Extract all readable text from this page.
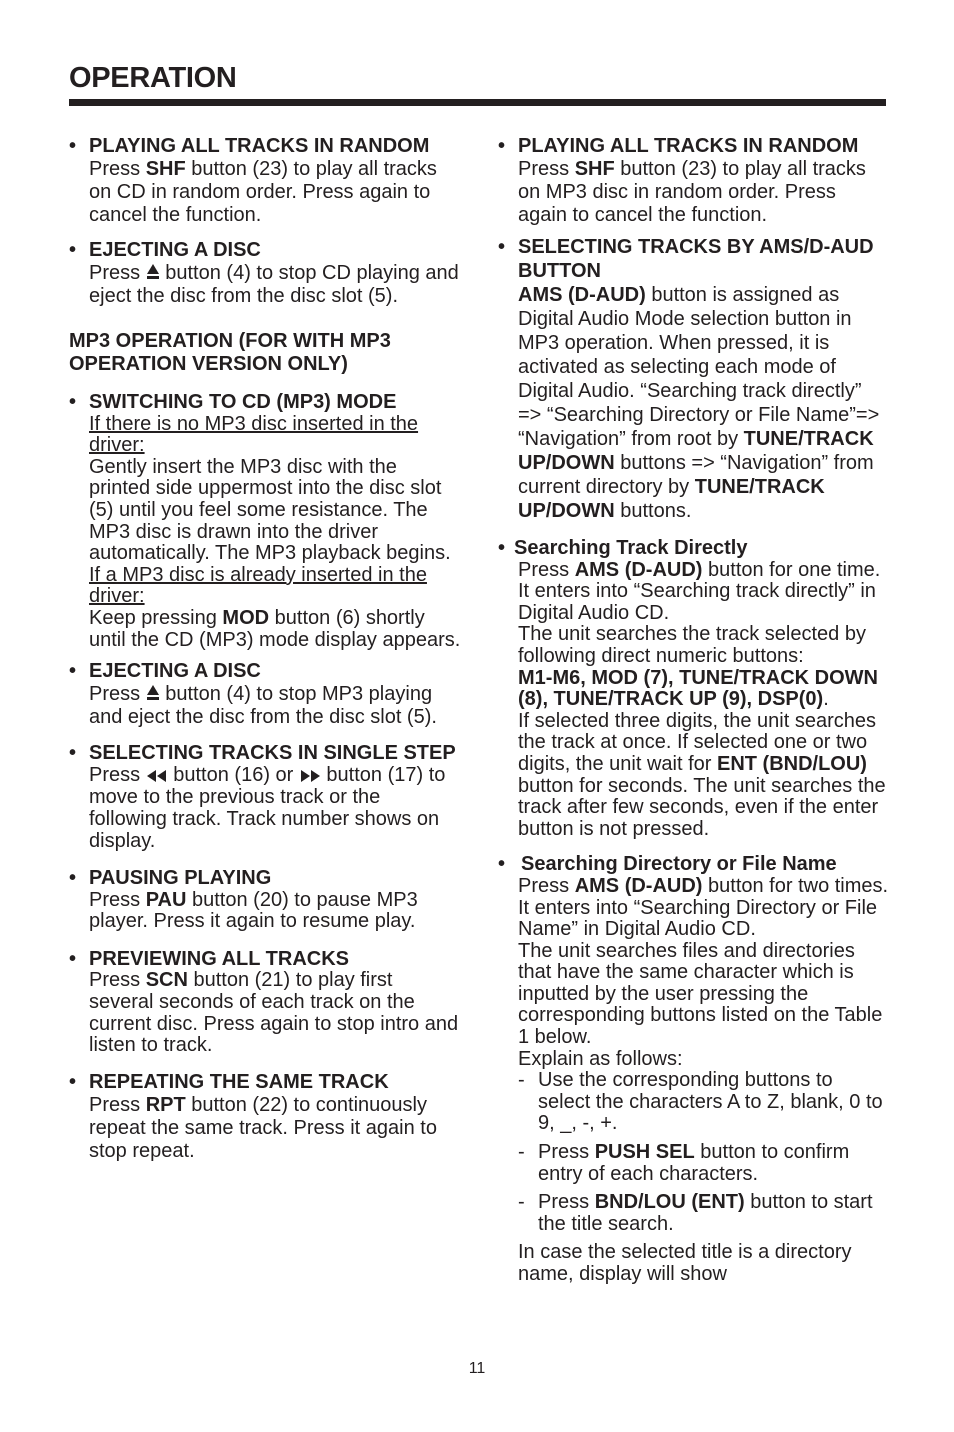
OPERATION
• PLAYING ALL TRACKS IN RANDOM
Press SHF button (23) to play all tracks on CD in random order. Press again to cancel the function.
• EJECTING A DISC
Press
button (4) to stop CD playing and eject the disc from the disc slot (5).
MP3 OPERATION (FOR WITH MP3 OPERATION VERSION ONLY)
• SWITCHING TO CD (MP3) MODE
If there is no MP3 disc inserted in the driver:
Gently insert the MP3 disc with the printed side uppermost into the disc slot (5) until you feel some resistance. The MP3 disc is drawn into the driver automatically. The MP3 playback begins.
If a MP3 disc is already inserted in the driver:
Keep pressing MOD button (6) shortly until the CD (MP3) mode display appears.
• EJECTING A DISC
Press
button (4) to stop MP3 playing and eject the disc from the disc slot (5).
• SELECTING TRACKS IN SINGLE STEP
Press  button (16) or  button (17) to move to the previous track or the following track. Track number shows on display.
• PAUSING PLAYING
Press PAU button (20) to pause MP3 player. Press it again to resume play.
• PREVIEWING ALL TRACKS
Press SCN button (21) to play first several seconds of each track on the current disc. Press again to stop intro and listen to track.
• REPEATING THE SAME TRACK
Press RPT button (22) to continuously repeat the same track. Press it again to stop repeat.
• PLAYING ALL TRACKS IN RANDOM
Press SHF button (23) to play all tracks on MP3 disc in random order. Press again to cancel the function.
• SELECTING TRACKS BY AMS/D-AUD BUTTON
AMS (D-AUD) button is assigned as Digital Audio Mode selection button in MP3 operation. When pressed, it is activated as selecting each mode of Digital Audio. “Searching track directly” => “Searching Directory or File Name”=> “Navigation” from root by TUNE/TRACK UP/DOWN buttons => “Navigation” from current directory by TUNE/TRACK UP/DOWN buttons.
• Searching Track Directly
Press AMS (D-AUD) button for one time. It enters into “Searching track directly” in Digital Audio CD.
The unit searches the track selected by following direct numeric buttons:
M1-M6, MOD (7), TUNE/TRACK DOWN (8), TUNE/TRACK UP (9), DSP(0).
If selected three digits, the unit searches the track at once. If selected one or two digits, the unit wait for ENT (BND/LOU) button for seconds. The unit searches the track after few seconds, even if the enter button is not pressed.
• Searching Directory or File Name
Press AMS (D-AUD) button for two times. It enters into “Searching Directory or File Name” in Digital Audio CD.
The unit searches files and directories that have the same character which is inputted by the user pressing the corresponding buttons listed on the Table 1 below.
Explain as follows:
- Use the corresponding buttons to select the characters A to Z, blank, 0 to 9, _, -, +.
- Press PUSH SEL button to confirm entry of each characters.
- Press BND/LOU (ENT) button to start the title search.
In case the selected title is a directory name, display will show
11
